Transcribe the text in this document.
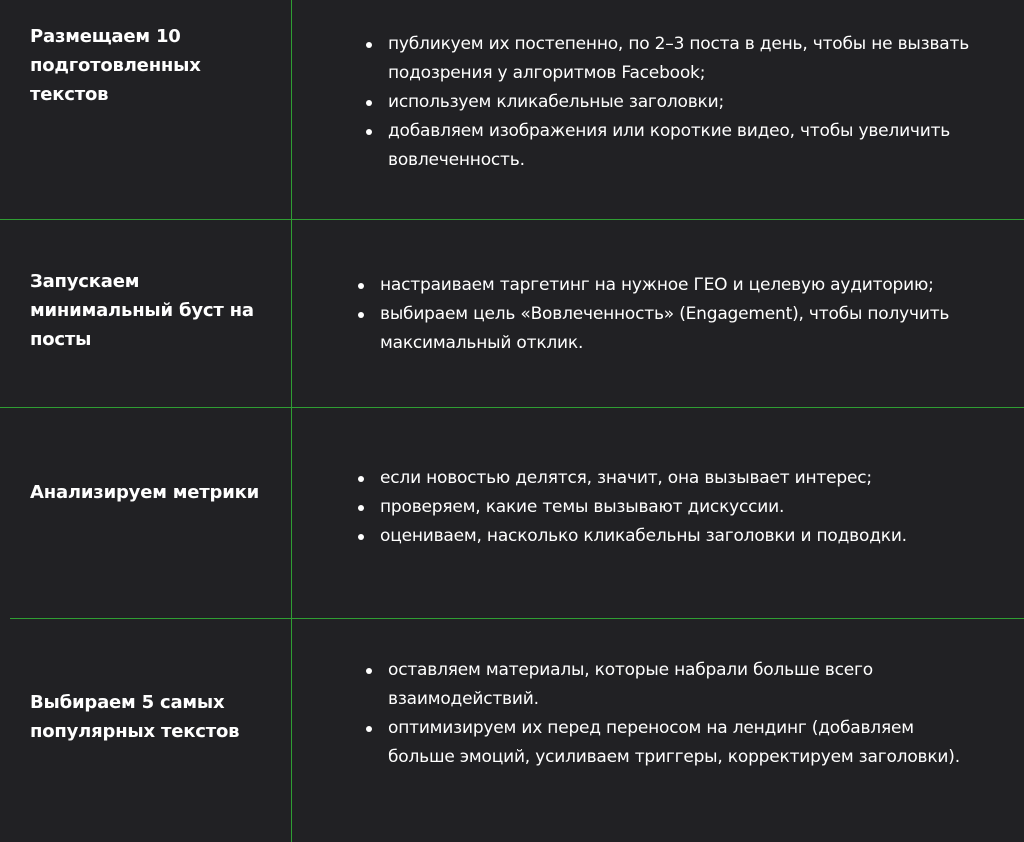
Размещаем 10 подготовленных текстов
публикуем их постепенно, по 2–3 поста в день, чтобы не вызвать подозрения у алгоритмов Facebook;
используем кликабельные заголовки;
добавляем изображения или короткие видео, чтобы увеличить вовлеченность.
Запускаем минимальный буст на посты
настраиваем таргетинг на нужное ГЕО и целевую аудиторию;
выбираем цель «Вовлеченность» (Engagement), чтобы получить максимальный отклик.
Анализируем метрики
если новостью делятся, значит, она вызывает интерес;
проверяем, какие темы вызывают дискуссии.
оцениваем, насколько кликабельны заголовки и подводки.
Выбираем 5 самых популярных текстов
оставляем материалы, которые набрали больше всего взаимодействий.
оптимизируем их перед переносом на лендинг (добавляем больше эмоций, усиливаем триггеры, корректируем заголовки).
